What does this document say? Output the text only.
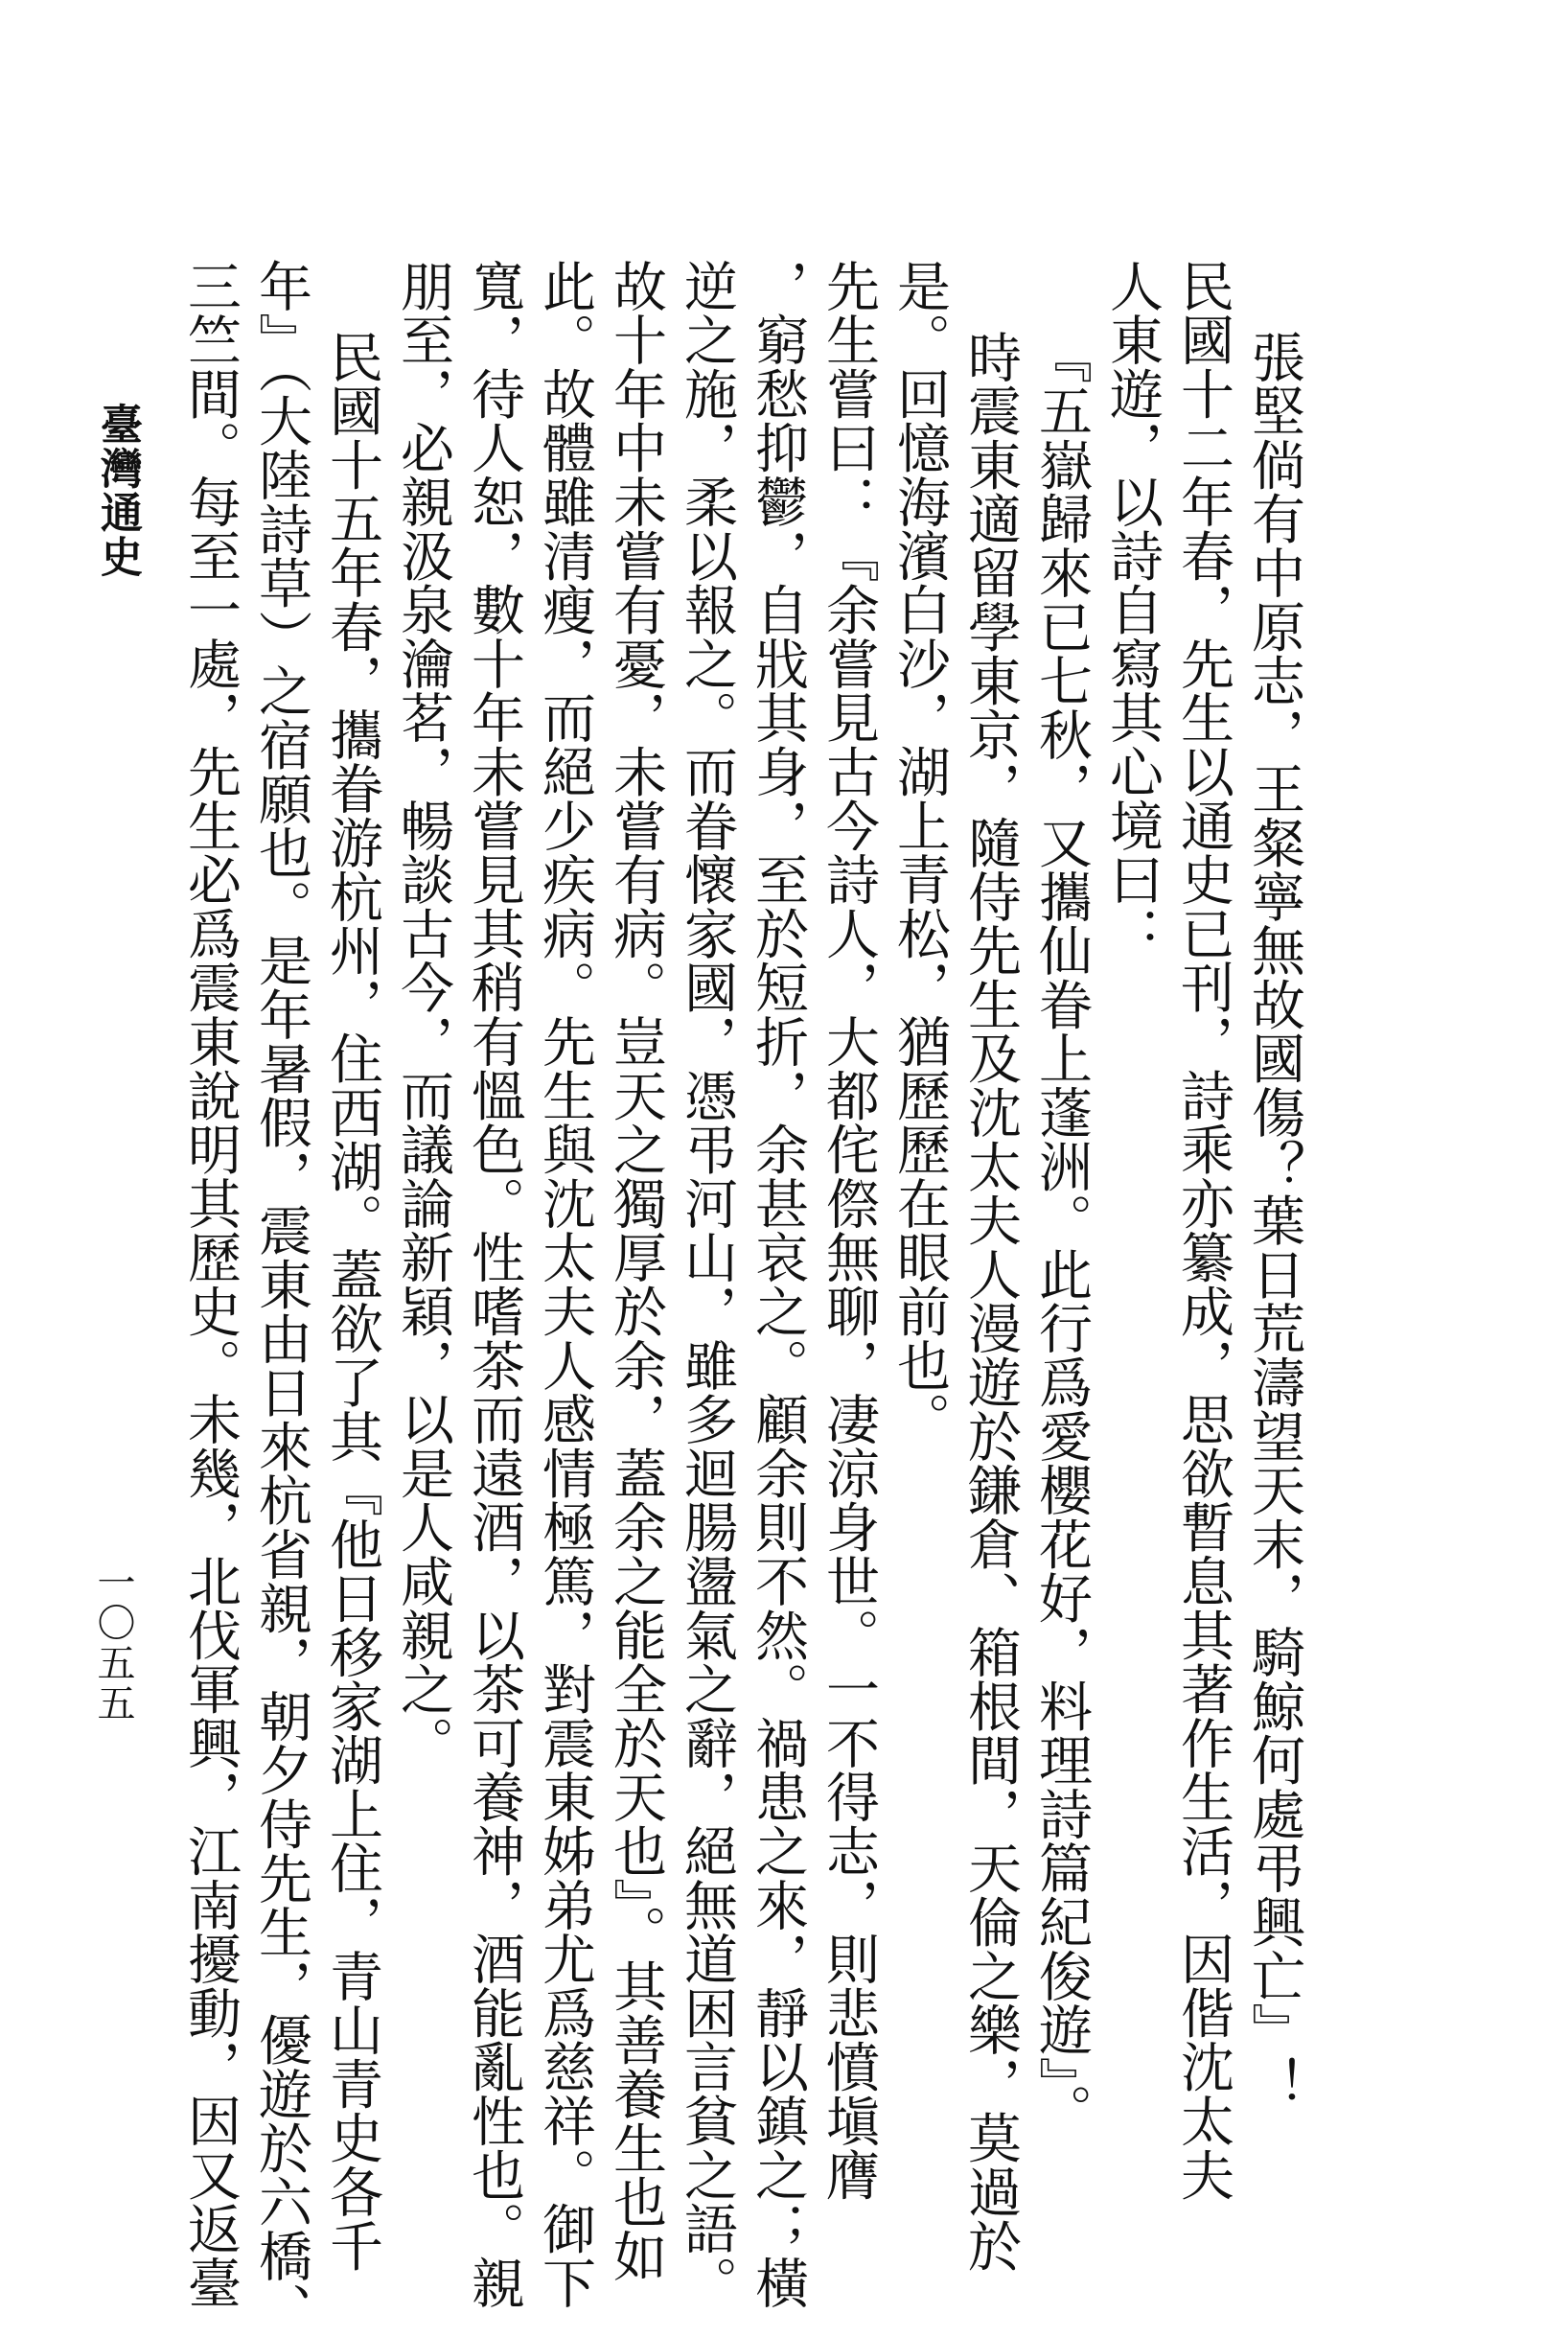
張堅倘有中原志，王粲寧無故國傷？葉日荒濤望天末，騎鯨何處弔興亡』！
民國十二年春，先生以通史已刊，詩乘亦纂成，思欲暫息其著作生活，因偕沈太夫
人東遊，以詩自寫其心境曰：
『五嶽歸來已七秋，又攜仙眷上蓬洲。此行爲愛櫻花好，料理詩篇紀俊遊』。
時震東適留學東京，隨侍先生及沈太夫人漫遊於鎌倉、箱根間，天倫之樂，莫過於
是。回憶海濱白沙，湖上青松，猶歷歷在眼前也。
先生嘗曰：『余嘗見古今詩人，大都侘傺無聊，凄涼身世。一不得志，則悲憤塡膺
，窮愁抑鬱，自戕其身，至於短折，余甚哀之。顧余則不然。禍患之來，靜以鎮之；橫
逆之施，柔以報之。而眷懷家國，憑弔河山，雖多迴腸盪氣之辭，絕無道困言貧之語。
故十年中未嘗有憂，未嘗有病。豈天之獨厚於余，蓋余之能全於天也』。其善養生也如
此。故體雖清瘦，而絕少疾病。先生與沈太夫人感情極篤，對震東姊弟尤爲慈祥。御下
寬，待人恕，數十年未嘗見其稍有慍色。性嗜茶而遠酒，以茶可養神，酒能亂性也。親
朋至，必親汲泉瀹茗，暢談古今，而議論新穎，以是人咸親之。
民國十五年春，攜眷游杭州，住西湖。蓋欲了其『他日移家湖上住，青山青史各千
年』（大陸詩草）之宿願也。是年暑假，震東由日來杭省親，朝夕侍先生，優遊於六橋、
三竺間。每至一處，先生必爲震東說明其歷史。未幾，北伐軍興，江南擾動，因又返臺
臺灣通史
一〇五五
